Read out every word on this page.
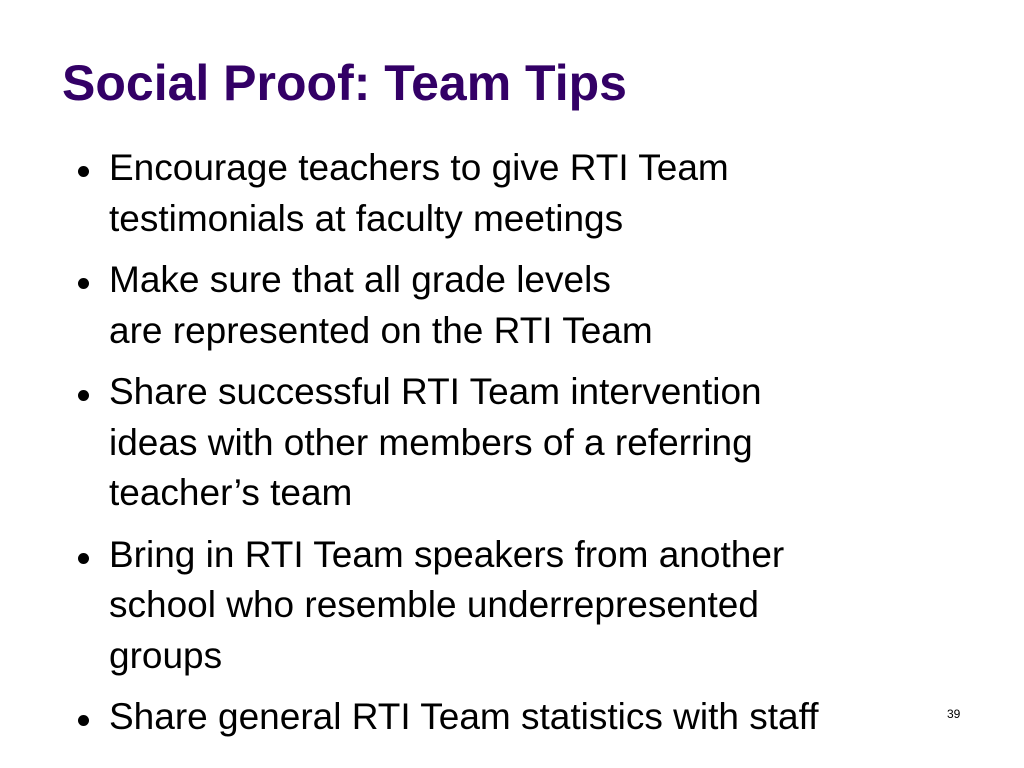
Social Proof: Team Tips
Encourage teachers to give RTI Team
testimonials at faculty meetings
Make sure that all grade levels
are represented on the RTI Team
Share successful RTI Team intervention
ideas with other members of a referring
teacher’s team
Bring in RTI Team speakers from another
school who resemble underrepresented
groups
Share general RTI Team statistics with staff	39
